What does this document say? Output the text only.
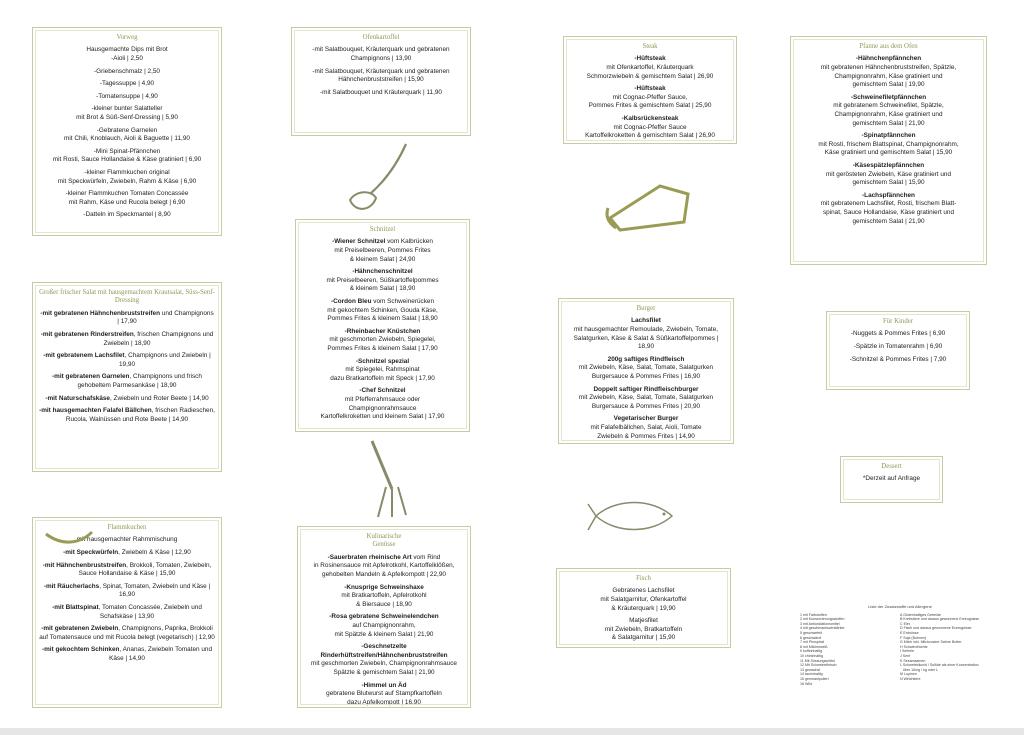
Vorweg
Hausgemachte Dips mit Brot
-Aioli | 2,50
-Griebenschmalz | 2,50
-Tagessuppe | 4,90
-Tomatensuppe | 4,90
-kleiner bunter Salatteller
mit Brot & Süß-Senf-Dressing | 5,90
-Gebratene Garnelen
mit Chili, Knoblauch, Aioli & Baguette | 11,90
-Mini Spinat-Pfännchen
mit Rosti, Sauce Hollandaise & Käse gratiniert | 6,90
-kleiner Flammkuchen original
mit Speckwürfeln, Zwiebeln, Rahm & Käse | 6,90
-kleiner Flammkuchen Tomaten Concassée
mit Rahm, Käse und Rucola belegt | 6,90
-Datteln im Speckmantel | 8,90
Großer frischer Salat mit hausgemachtem Krautsalat, Süss-Senf-Dressing
-mit gebratenen Hähnchenbruststreifen und Champignons | 17,90
-mit gebratenen Rinderstreifen, frischen Champignons und Zwiebeln | 18,90
-mit gebratenem Lachsfilet, Champignons und Zwiebeln | 19,90
-mit gebratenen Garnelen, Champignons und frisch gehobeltem Parmesankäse | 18,90
-mit Naturschafskäse, Zwiebeln und Roter Beete | 14,90
-mit hausgemachten Falafel Bällchen, frischen Radieschen, Rucola, Walnüssen und Rote Beete | 14,90
Flammkuchen
mit hausgemachter Rahmmischung
-mit Speckwürfeln, Zwiebeln & Käse | 12,90
-mit Hähnchenbruststreifen, Brokkoli, Tomaten, Zwiebeln, Sauce Hollandaise & Käse | 15,90
-mit Räucherlachs, Spinat, Tomaten, Zwiebeln und Käse | 16,90
-mit Blattspinat, Tomaten Concassée, Zwiebeln und Schafskäse | 13,90
-mit gebratenen Zwiebeln, Champignons, Paprika, Brokkoli auf Tomatensauce und mit Rucola belegt (vegetarisch) | 12,90
-mit gekochtem Schinken, Ananas, Zwiebeln Tomaten und Käse | 14,90
Ofenkartoffel
-mit Salatbouquet, Kräuterquark und gebratenen Champignons | 13,90
-mit Salatbouquet, Kräuterquark und gebratenen Hähnchenbruststreifen | 15,90
-mit Salatbouquet und Kräuterquark | 11,90
Schnitzel
-Wiener Schnitzel vom Kalbrücken
mit Preiselbeeren, Pommes Frites
& kleinem Salat | 24,90
-Hähnchenschnitzel
mit Preiselbeeren, Süßkartoffelpommes
& kleinem Salat | 18,90
-Cordon Bleu vom Schweinerücken
mit gekochtem Schinken, Gouda Käse,
Pommes Frites & kleinem Salat | 18,90
-Rheinbacher Knüstchen
mit geschmorten Zwiebeln, Spiegelei,
Pommes Frites & kleinem Salat | 17,90
-Schnitzel spezial
mit Spiegelei, Rahmspinat
dazu Bratkartoffeln mit Speck | 17,90
-Chef Schnitzel
mit Pfefferrahmsauce oder
Champignonrahmsauce
Kartoffelkroketten und kleinem Salat | 17,90
Kulinarische
Genüsse
-Sauerbraten rheinische Art vom Rind
in Rosinensauce mit Apfelrotkohl, Kartoffelklößen,
gehobelten Mandeln & Apfelkompott | 22,90
-Knusprige Schweinshaxe
mit Bratkartoffeln, Apfelrotkohl
& Biersauce | 18,90
-Rosa gebratene Schweinelendchen
auf Champignonrahm,
mit Spätzle & kleinem Salat | 21,90
-Geschnetzelte
Rinderhüftstreifen/Hähnchenbruststreifen
mit geschmorten Zwiebeln, Champignonrahmsauce
Spätzle & gemischtem Salat | 21,90
-Himmel un Äd
gebratene Blutwurst auf Stampfkartoffeln
dazu Apfelkompott | 16,90
Steak
-Hüftsteak
mit Ofenkartoffel, Kräuterquark
Schmorzwiebeln & gemischtem Salat | 26,90
-Hüftsteak
mit Cognac-Pfeffer Sauce,
Pommes Frites & gemischtem Salat | 25,90
-Kalbsrückensteak
mit Cognac-Pfeffer Sauce
Kartoffelkroketten & gemischtem Salat | 26,90
Burger
Lachsfilet
mit hausgemachter Remoulade, Zwiebeln, Tomate,
Salatgurken, Käse & Salat & Süßkartoffelpommes | 18,90
200g saftiges Rindfleisch
mit Zwiebeln, Käse, Salat, Tomate, Salatgurken
Burgersauce & Pommes Frites | 16,90
Doppelt saftiger Rindfleischburger
mit Zwiebeln, Käse, Salat, Tomate, Salatgurken
Burgersauce & Pommes Frites | 20,90
Vegetarischer Burger
mit Falafelbällchen, Salat, Aioli, Tomate
Zwiebeln & Pommes Frites | 14,90
Fisch
Gebratenes Lachsfilet
mit Salatgarnitur, Ofenkartoffel
& Kräuterquark | 19,90
Matjesfilet
mit Zwiebeln, Bratkartoffeln
& Salatgarnitur | 15,90
Pfanne aus dem Ofen
-Hähnchenpfännchen
mit gebratenen Hähnchenbruststreifen, Spätzle,
Champignonrahm, Käse gratiniert und
gemischtem Salat | 19,90
-Schweinefiletpfännchen
mit gebratenem Schweinefilet, Spätzle,
Champignonrahm, Käse gratiniert und
gemischtem Salat | 21,90
-Spinatpfännchen
mit Rosti, frischem Blattspinat, Champignonrahm,
Käse gratiniert und gemischtem Salat | 15,90
-Käsespätzlepfännchen
mit gerösteten Zwiebeln, Käse gratiniert und
gemischtem Salat | 15,90
-Lachspfännchen
mit gebratenem Lachsfilet, Rosti, frischem Blatt-
spinat, Sauce Hollandaise, Käse gratiniert und
gemischtem Salat | 21,90
Für Kinder
-Nuggets & Pommes Frites | 6,90
-Spätzle in Tomatenrahm | 6,90
-Schnitzel & Pommes Frites | 7,90
Dessert
*Derzeit auf Anfrage
Liste der Zusatzstoffe und Allergene
1 mit Farbstoffen
2 mit Konservierungsstoffen
3 mit Antioxidationsmittel
4 mit geschmacksverstärker
5 geschwefelt
6 geschwärzt
7 mit Phosphat
8 mit Milcheiweiß
9 koffeinhaltig
10 chininhaltig
11 Mit Süssungsmittel
12 Mit Schweinefleisch
13 gewachst
14 taurinhaltig
15 genmanipuliert
16 Wild
A Glutenhaltiges Getreide
B Krebstiere und daraus gewonnene Erzeugnisse
C Eier
D Fisch und daraus gewonnene Erzeugnisse
E Erdnüsse
F Soja (Bohnen)
G Milch inkl. Milchzucker Sahne Butter
H Schalenfrüchte
I Sellerie
J Senf
K Sesamsamen
L Schwefeldioxid / Sulfide als einer Konzentration
über 10mg / kg oder L
M Lupinen
N Weichtiere
